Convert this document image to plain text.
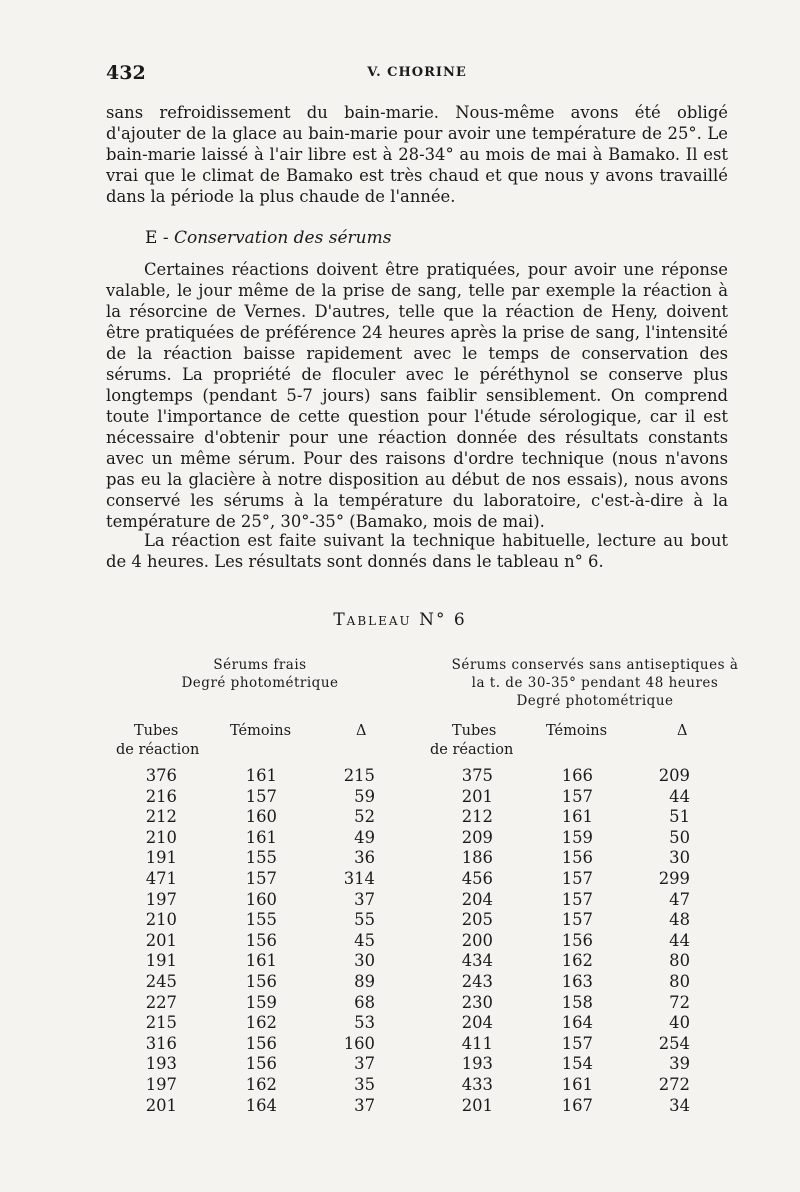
432	V. CHORINE

sans refroidissement du bain-marie. Nous-même avons été obligé d'ajouter de la glace au bain-marie pour avoir une température de 25°. Le bain-marie laissé à l'air libre est à 28-34° au mois de mai à Bamako. Il est vrai que le climat de Bamako est très chaud et que nous y avons travaillé dans la période la plus chaude de l'année.

E - Conservation des sérums

Certaines réactions doivent être pratiquées, pour avoir une réponse valable, le jour même de la prise de sang, telle par exemple la réaction à la résorcine de Vernes. D'autres, telle que la réaction de Heny, doivent être pratiquées de préférence 24 heures après la prise de sang, l'intensité de la réaction baisse rapidement avec le temps de conservation des sérums. La propriété de floculer avec le péréthynol se conserve plus longtemps (pendant 5-7 jours) sans faiblir sensiblement. On comprend toute l'importance de cette question pour l'étude sérologique, car il est nécessaire d'obtenir pour une réaction donnée des résultats constants avec un même sérum. Pour des raisons d'ordre technique (nous n'avons pas eu la glacière à notre disposition au début de nos essais), nous avons conservé les sérums à la température du laboratoire, c'est-à-dire à la température de 25°, 30°-35° (Bamako, mois de mai).

La réaction est faite suivant la technique habituelle, lecture au bout de 4 heures. Les résultats sont donnés dans le tableau n° 6.

Tableau N° 6
Sérums frais
Degré photométrique
Sérums conservés sans antiseptiques à
la t. de 30-35° pendant 48 heures
Degré photométrique
Tubes
de réaction
Témoins	Δ	Tubes
de réaction
Témoins	Δ
376	161	215	375	166	209
216	157	59	201	157	44
212	160	52	212	161	51
210	161	49	209	159	50
191	155	36	186	156	30
471	157	314	456	157	299
197	160	37	204	157	47
210	155	55	205	157	48
201	156	45	200	156	44
191	161	30	434	162	80
245	156	89	243	163	80
227	159	68	230	158	72
215	162	53	204	164	40
316	156	160	411	157	254
193	156	37	193	154	39
197	162	35	433	161	272
201	164	37	201	167	34
